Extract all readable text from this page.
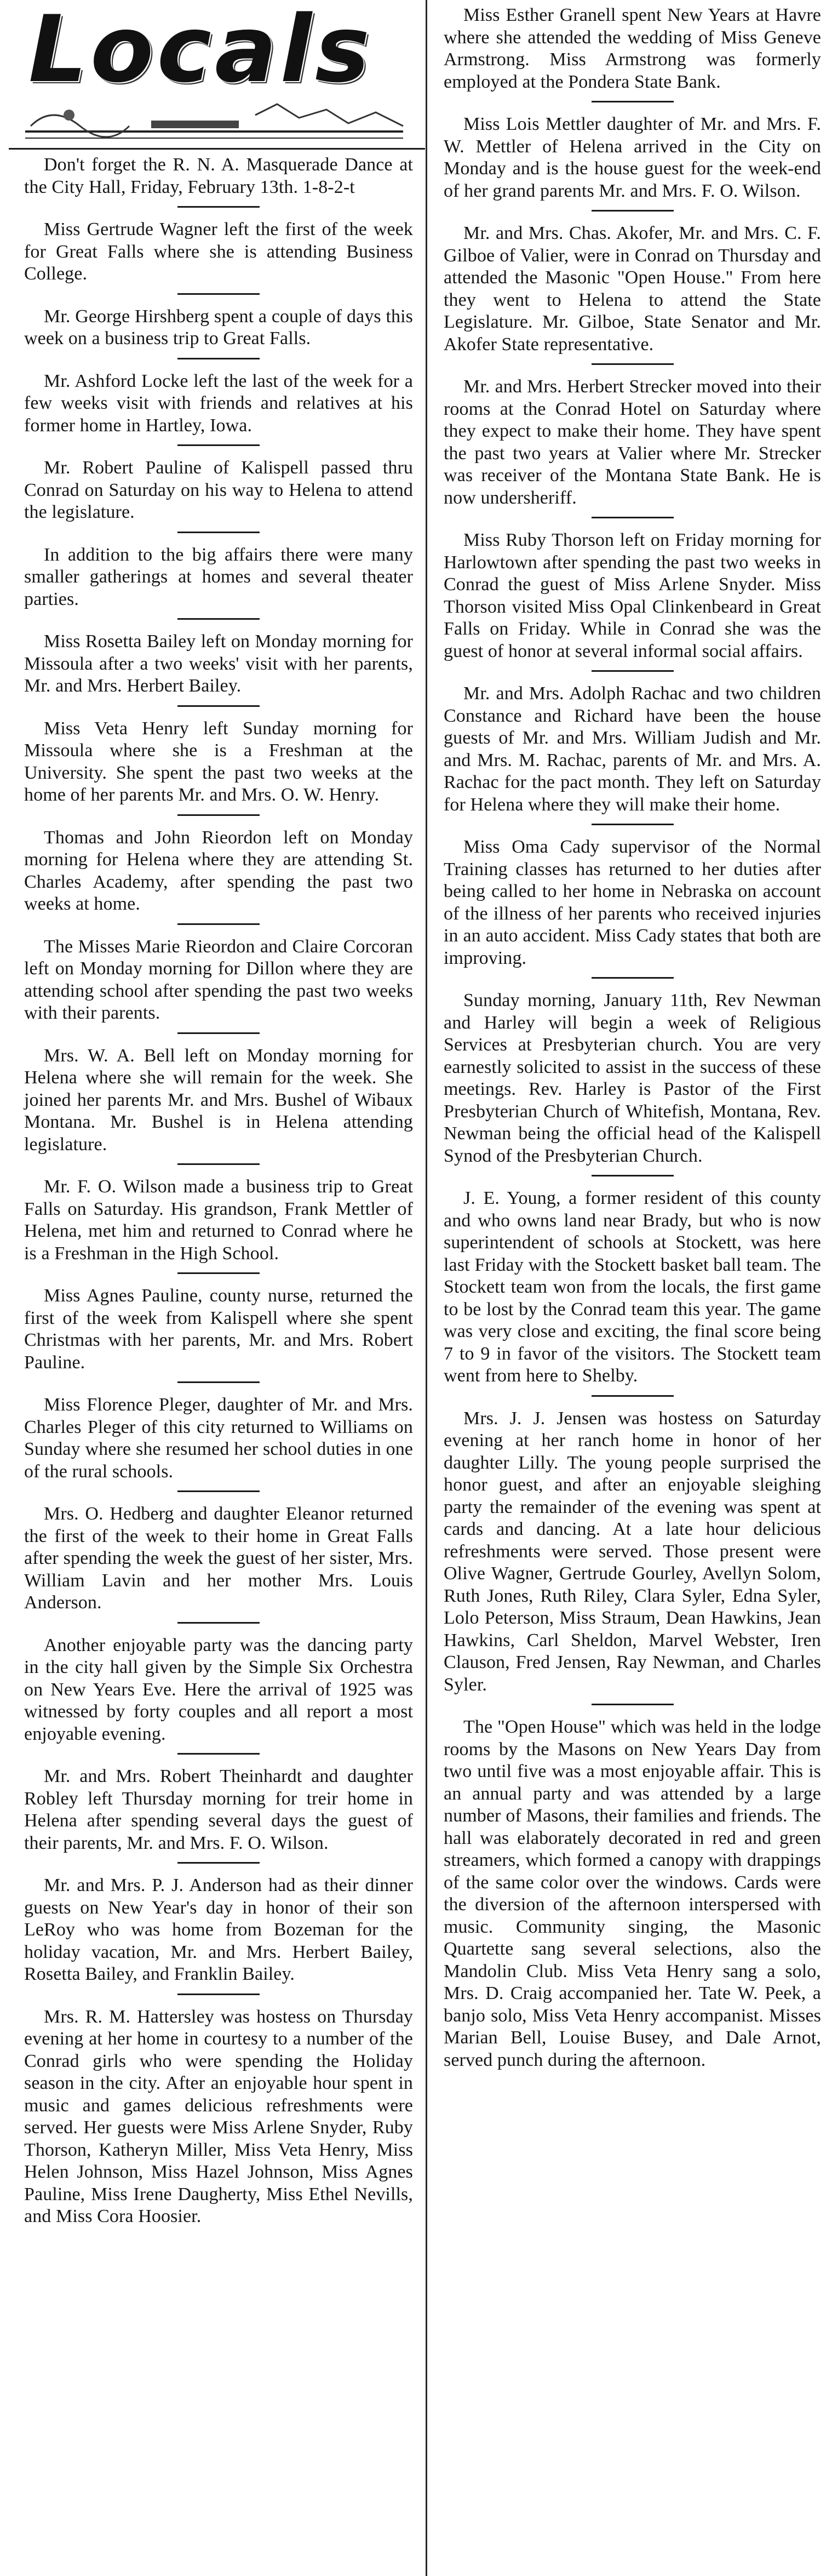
Locals

Don't forget the R. N. A. Masquerade Dance at the City Hall, Friday, February 13th. 1-8-2-t

Miss Gertrude Wagner left the first of the week for Great Falls where she is attending Business College.

Mr. George Hirshberg spent a couple of days this week on a business trip to Great Falls.

Mr. Ashford Locke left the last of the week for a few weeks visit with friends and relatives at his former home in Hartley, Iowa.

Mr. Robert Pauline of Kalispell passed thru Conrad on Saturday on his way to Helena to attend the legislature.

In addition to the big affairs there were many smaller gatherings at homes and several theater parties.

Miss Rosetta Bailey left on Monday morning for Missoula after a two weeks' visit with her parents, Mr. and Mrs. Herbert Bailey.

Miss Veta Henry left Sunday morning for Missoula where she is a Freshman at the University. She spent the past two weeks at the home of her parents Mr. and Mrs. O. W. Henry.

Thomas and John Rieordon left on Monday morning for Helena where they are attending St. Charles Academy, after spending the past two weeks at home.

The Misses Marie Rieordon and Claire Corcoran left on Monday morning for Dillon where they are attending school after spending the past two weeks with their parents.

Mrs. W. A. Bell left on Monday morning for Helena where she will remain for the week. She joined her parents Mr. and Mrs. Bushel of Wibaux Montana. Mr. Bushel is in Helena attending legislature.

Mr. F. O. Wilson made a business trip to Great Falls on Saturday. His grandson, Frank Mettler of Helena, met him and returned to Conrad where he is a Freshman in the High School.

Miss Agnes Pauline, county nurse, returned the first of the week from Kalispell where she spent Christmas with her parents, Mr. and Mrs. Robert Pauline.

Miss Florence Pleger, daughter of Mr. and Mrs. Charles Pleger of this city returned to Williams on Sunday where she resumed her school duties in one of the rural schools.

Mrs. O. Hedberg and daughter Eleanor returned the first of the week to their home in Great Falls after spending the week the guest of her sister, Mrs. William Lavin and her mother Mrs. Louis Anderson.

Another enjoyable party was the dancing party in the city hall given by the Simple Six Orchestra on New Years Eve. Here the arrival of 1925 was witnessed by forty couples and all report a most enjoyable evening.

Mr. and Mrs. Robert Theinhardt and daughter Robley left Thursday morning for treir home in Helena after spending several days the guest of their parents, Mr. and Mrs. F. O. Wilson.

Mr. and Mrs. P. J. Anderson had as their dinner guests on New Year's day in honor of their son LeRoy who was home from Bozeman for the holiday vacation, Mr. and Mrs. Herbert Bailey, Rosetta Bailey, and Franklin Bailey.

Mrs. R. M. Hattersley was hostess on Thursday evening at her home in courtesy to a number of the Conrad girls who were spending the Holiday season in the city. After an enjoyable hour spent in music and games delicious refreshments were served. Her guests were Miss Arlene Snyder, Ruby Thorson, Katheryn Miller, Miss Veta Henry, Miss Helen Johnson, Miss Hazel Johnson, Miss Agnes Pauline, Miss Irene Daugherty, Miss Ethel Nevills, and Miss Cora Hoosier.

Miss Esther Granell spent New Years at Havre where she attended the wedding of Miss Geneve Armstrong. Miss Armstrong was formerly employed at the Pondera State Bank.

Miss Lois Mettler daughter of Mr. and Mrs. F. W. Mettler of Helena arrived in the City on Monday and is the house guest for the week-end of her grand parents Mr. and Mrs. F. O. Wilson.

Mr. and Mrs. Chas. Akofer, Mr. and Mrs. C. F. Gilboe of Valier, were in Conrad on Thursday and attended the Masonic "Open House." From here they went to Helena to attend the State Legislature. Mr. Gilboe, State Senator and Mr. Akofer State representative.

Mr. and Mrs. Herbert Strecker moved into their rooms at the Conrad Hotel on Saturday where they expect to make their home. They have spent the past two years at Valier where Mr. Strecker was receiver of the Montana State Bank. He is now undersheriff.

Miss Ruby Thorson left on Friday morning for Harlowtown after spending the past two weeks in Conrad the guest of Miss Arlene Snyder. Miss Thorson visited Miss Opal Clinkenbeard in Great Falls on Friday. While in Conrad she was the guest of honor at several informal social affairs.

Mr. and Mrs. Adolph Rachac and two children Constance and Richard have been the house guests of Mr. and Mrs. William Judish and Mr. and Mrs. M. Rachac, parents of Mr. and Mrs. A. Rachac for the pact month. They left on Saturday for Helena where they will make their home.

Miss Oma Cady supervisor of the Normal Training classes has returned to her duties after being called to her home in Nebraska on account of the illness of her parents who received injuries in an auto accident. Miss Cady states that both are improving.

Sunday morning, January 11th, Rev Newman and Harley will begin a week of Religious Services at Presbyterian church. You are very earnestly solicited to assist in the success of these meetings. Rev. Harley is Pastor of the First Presbyterian Church of Whitefish, Montana, Rev. Newman being the official head of the Kalispell Synod of the Presbyterian Church.

J. E. Young, a former resident of this county and who owns land near Brady, but who is now superintendent of schools at Stockett, was here last Friday with the Stockett basket ball team. The Stockett team won from the locals, the first game to be lost by the Conrad team this year. The game was very close and exciting, the final score being 7 to 9 in favor of the visitors. The Stockett team went from here to Shelby.

Mrs. J. J. Jensen was hostess on Saturday evening at her ranch home in honor of her daughter Lilly. The young people surprised the honor guest, and after an enjoyable sleighing party the remainder of the evening was spent at cards and dancing. At a late hour delicious refreshments were served. Those present were Olive Wagner, Gertrude Gourley, Avellyn Solom, Ruth Jones, Ruth Riley, Clara Syler, Edna Syler, Lolo Peterson, Miss Straum, Dean Hawkins, Jean Hawkins, Carl Sheldon, Marvel Webster, Iren Clauson, Fred Jensen, Ray Newman, and Charles Syler.

The "Open House" which was held in the lodge rooms by the Masons on New Years Day from two until five was a most enjoyable affair. This is an annual party and was attended by a large number of Masons, their families and friends. The hall was elaborately decorated in red and green streamers, which formed a canopy with drappings of the same color over the windows. Cards were the diversion of the afternoon interspersed with music. Community singing, the Masonic Quartette sang several selections, also the Mandolin Club. Miss Veta Henry sang a solo, Mrs. D. Craig accompanied her. Tate W. Peek, a banjo solo, Miss Veta Henry accompanist. Misses Marian Bell, Louise Busey, and Dale Arnot, served punch during the afternoon.
